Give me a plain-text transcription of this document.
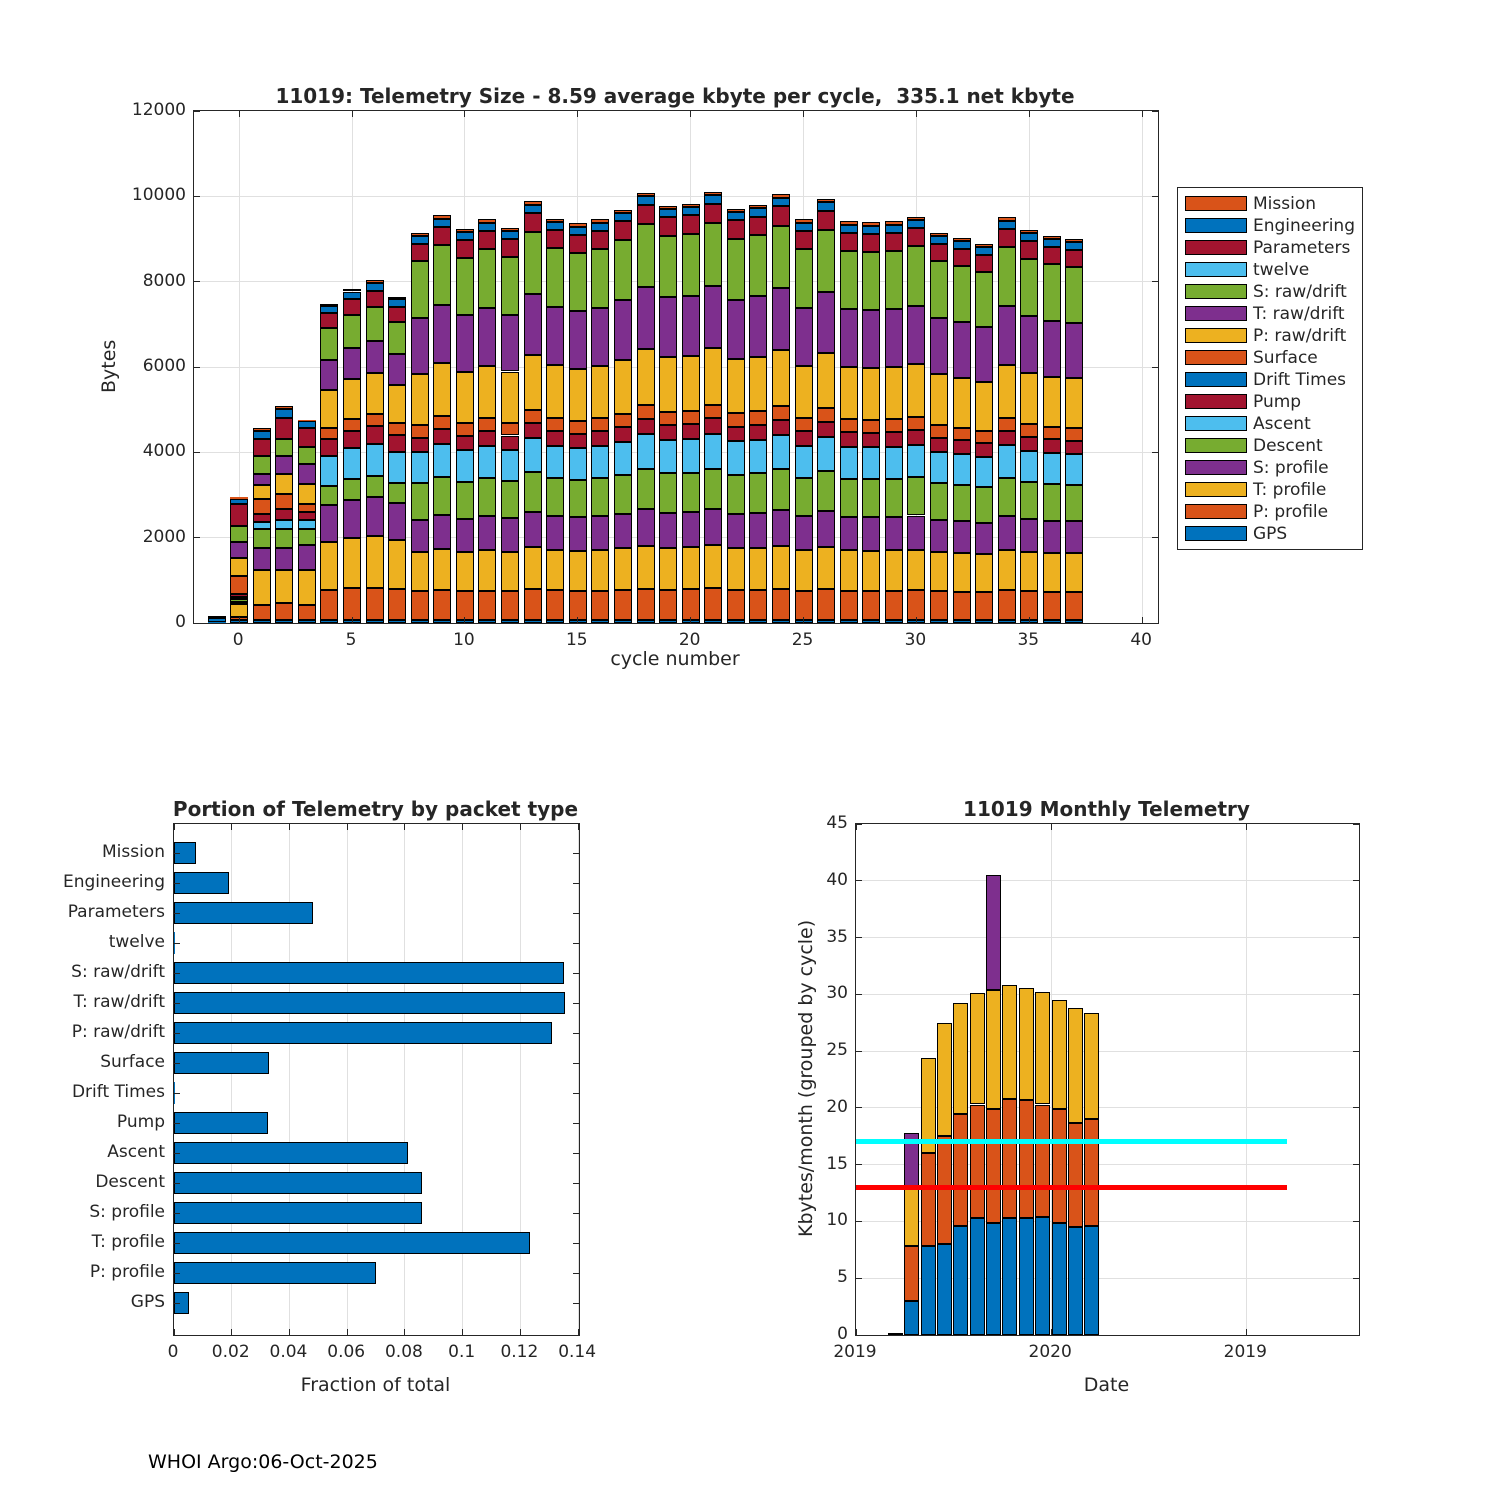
11019: Telemetry Size - 8.59 average kbyte per cycle,  335.1 net kbyte
Bytes
cycle number
Mission
Engineering
Parameters
twelve
S: raw/drift
T: raw/drift
P: raw/drift
Surface
Drift Times
Pump
Ascent
Descent
S: profile
T: profile
P: profile
GPS
Portion of Telemetry by packet type
Fraction of total
11019 Monthly Telemetry
Kbytes/month (grouped by cycle)
Date
WHOI Argo:06-Oct-2025
0	5	10	15	20	25	30	35	40
0
2000
4000
6000
8000
10000
12000
Mission
Engineering
Parameters
twelve
S: raw/drift
T: raw/drift
P: raw/drift
Surface
Drift Times
Pump
Ascent
Descent
S: profile
T: profile
P: profile
GPS
0	0.02	0.04	0.06	0.08	0.1	0.12	0.14
0
5
10
15
20
25
30
35
40
45
2019	2020	2019
